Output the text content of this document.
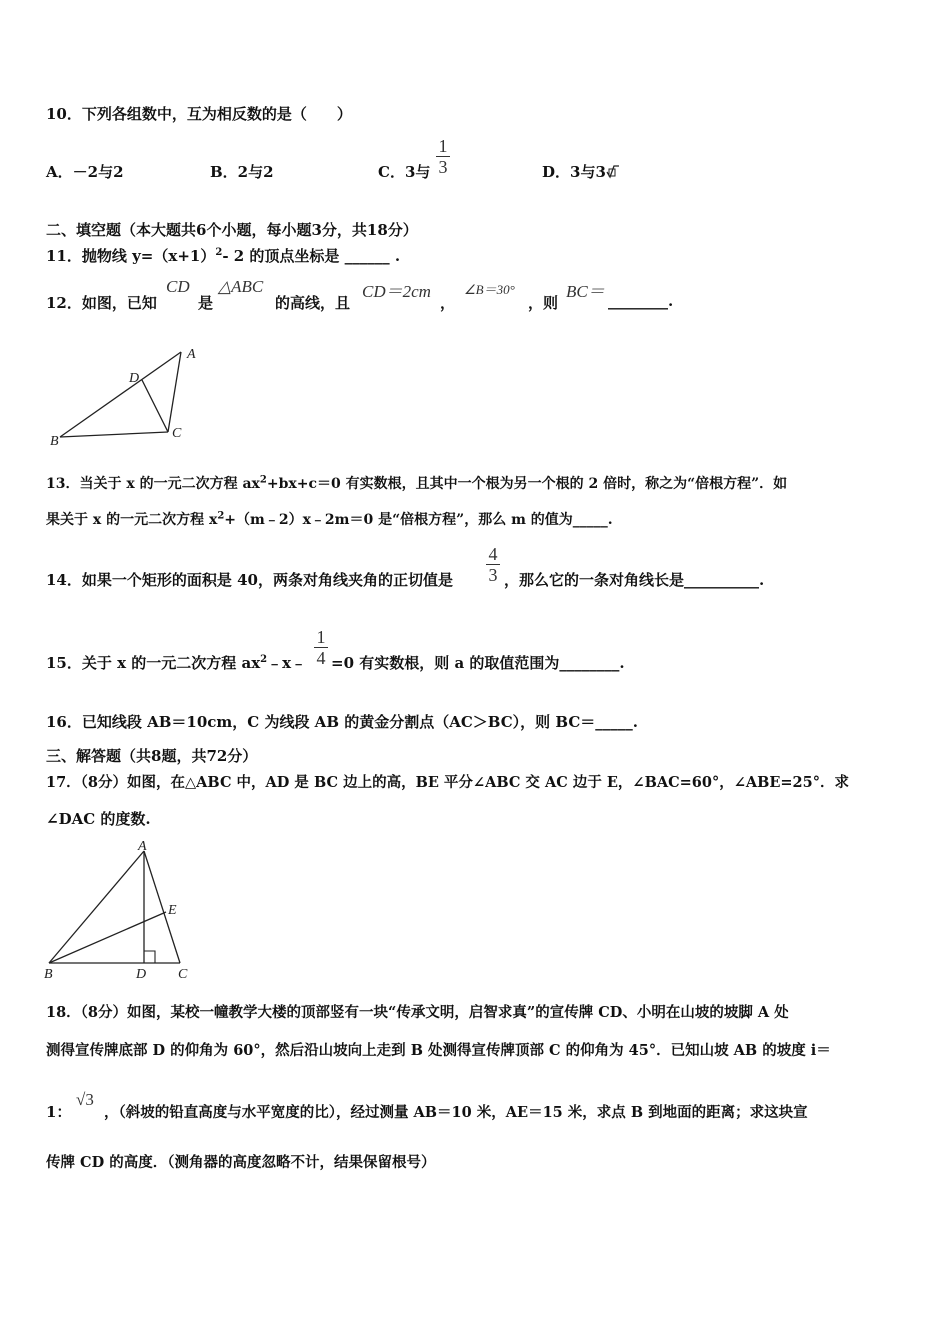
10．下列各组数中，互为相反数的是（　　）
A．－2与2	B．2与2	C．3与
1
3	D．3与3
二、填空题（本大题共6个小题，每小题3分，共18分）
11．抛物线 $y=(x+1)^2-$ 2 的顶点坐标是 ______ .
12．如图，已知
CD
是
△ABC
的高线，且
CD＝2cm
，
∠B＝30°
，则
BC＝ ________.
A
D
B
C
13．当关于 x 的一元二次方程 $ax^2+bx+c=0$ 有实数根，且其中一个根为另一个根的 2 倍时，称之为“倍根方程”．如
果关于 x 的一元二次方程 $x^2+(m﹣2)x﹣2m=0$ 是“倍根方程”，那么 m 的值为_____.
14．如果一个矩形的面积是 40，两条对角线夹角的正切值是
4
3 ，那么它的一条对角线长是__________.
15．关于 x 的一元二次方程 $ax^2﹣x﹣$
1
4 =0 有实数根，则 a 的取值范围为________.
16．已知线段 AB＝10cm，C 为线段 AB 的黄金分割点（AC＞BC），则 BC＝_____.
三、解答题（共8题，共72分）
17．（8分）如图，在△ABC 中，AD 是 BC 边上的高，BE 平分∠ABC 交 AC 边于 E，∠BAC=60°，∠ABE=25°．求
∠DAC 的度数.
A
E
B	D C
18．（8分）如图，某校一幢教学大楼的顶部竖有一块“传承文明，启智求真”的宣传牌 CD、小明在山坡的坡脚 A 处
测得宣传牌底部 D 的仰角为 60°，然后沿山坡向上走到 B 处测得宣传牌顶部 C 的仰角为 45°．已知山坡 AB 的坡度 i＝
1：
√3
，（斜坡的铅直高度与水平宽度的比），经过测量 AB＝10 米，AE＝15 米，求点 B 到地面的距离；求这块宣
传牌 CD 的高度．（测角器的高度忽略不计，结果保留根号）
